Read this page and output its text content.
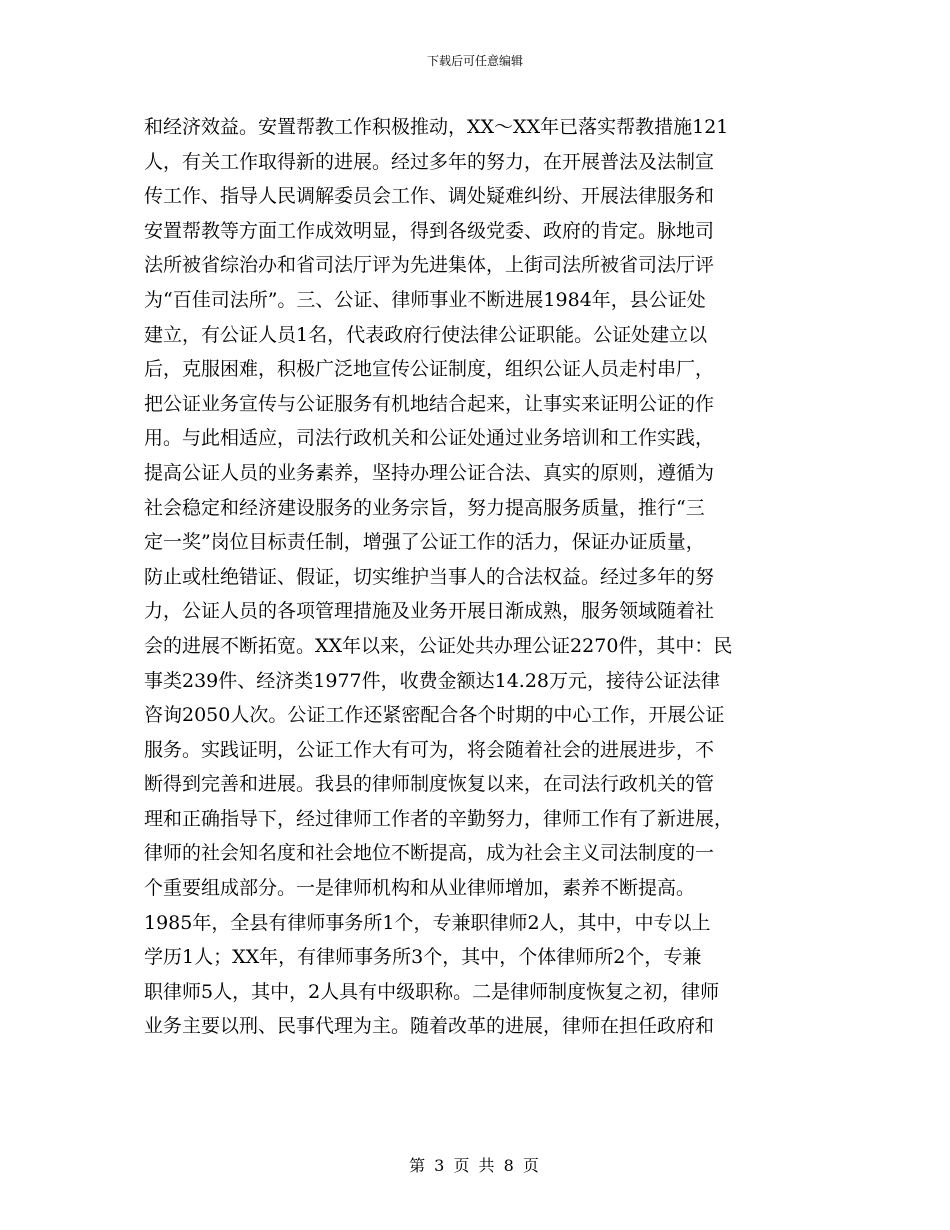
下载后可任意编辑
和经济效益。安置帮教工作积极推动，XX～XX年已落实帮教措施121
人，有关工作取得新的进展。经过多年的努力，在开展普法及法制宣
传工作、指导人民调解委员会工作、调处疑难纠纷、开展法律服务和
安置帮教等方面工作成效明显，得到各级党委、政府的肯定。脉地司
法所被省综治办和省司法厅评为先进集体，上街司法所被省司法厅评
为“百佳司法所”。三、公证、律师事业不断进展1984年，县公证处
建立，有公证人员1名，代表政府行使法律公证职能。公证处建立以
后，克服困难，积极广泛地宣传公证制度，组织公证人员走村串厂，
把公证业务宣传与公证服务有机地结合起来，让事实来证明公证的作
用。与此相适应，司法行政机关和公证处通过业务培训和工作实践，
提高公证人员的业务素养，坚持办理公证合法、真实的原则，遵循为
社会稳定和经济建设服务的业务宗旨，努力提高服务质量，推行“三
定一奖”岗位目标责任制，增强了公证工作的活力，保证办证质量，
防止或杜绝错证、假证，切实维护当事人的合法权益。经过多年的努
力，公证人员的各项管理措施及业务开展日渐成熟，服务领域随着社
会的进展不断拓宽。XX年以来，公证处共办理公证2270件，其中：民
事类239件、经济类1977件，收费金额达14.28万元，接待公证法律
咨询2050人次。公证工作还紧密配合各个时期的中心工作，开展公证
服务。实践证明，公证工作大有可为，将会随着社会的进展进步，不
断得到完善和进展。我县的律师制度恢复以来，在司法行政机关的管
理和正确指导下，经过律师工作者的辛勤努力，律师工作有了新进展，
律师的社会知名度和社会地位不断提高，成为社会主义司法制度的一
个重要组成部分。一是律师机构和从业律师增加，素养不断提高。
1985年，全县有律师事务所1个，专兼职律师2人，其中，中专以上
学历1人；XX年，有律师事务所3个，其中，个体律师所2个，专兼
职律师5人，其中，2人具有中级职称。二是律师制度恢复之初，律师
业务主要以刑、民事代理为主。随着改革的进展，律师在担任政府和
第 3 页 共 8 页
